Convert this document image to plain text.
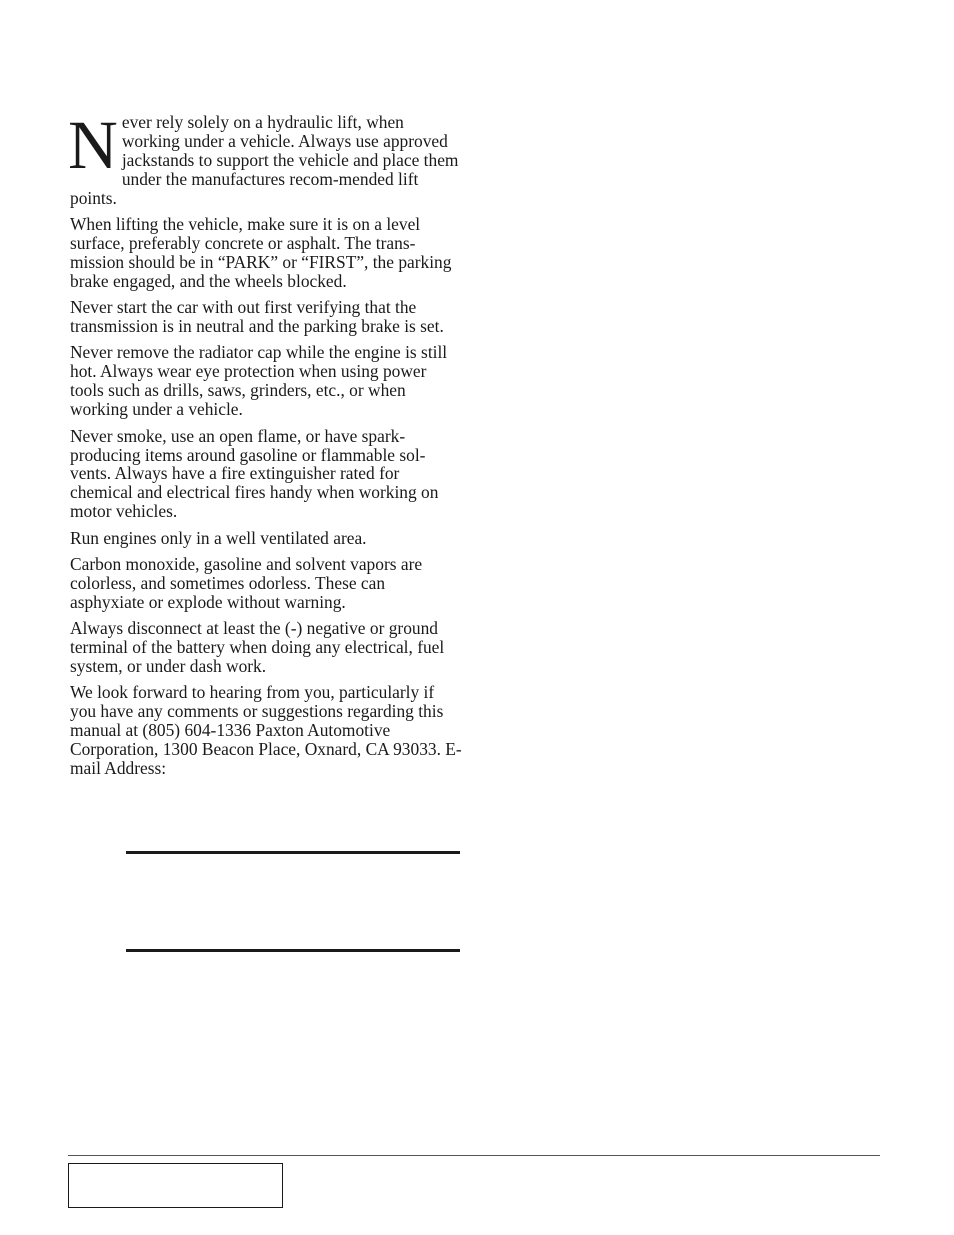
Never rely solely on a hydraulic lift, when working under a vehicle. Always use approved jackstands to support the vehicle and place them under the manufactures recom-mended lift points.

When lifting the vehicle, make sure it is on a level surface, preferably concrete or asphalt. The trans-mission should be in “PARK” or “FIRST”, the parking brake engaged, and the wheels blocked.

Never start the car with out first verifying that the transmission is in neutral and the parking brake is set.

Never remove the radiator cap while the engine is still hot. Always wear eye protection when using power tools such as drills, saws, grinders, etc., or when working under a vehicle.

Never smoke, use an open flame, or have spark-producing items around gasoline or flammable sol-vents. Always have a fire extinguisher rated for chemical and electrical fires handy when working on motor vehicles.

Run engines only in a well ventilated area.

Carbon monoxide, gasoline and solvent vapors are colorless, and sometimes odorless. These can asphyxiate or explode without warning.

Always disconnect at least the (-) negative or ground terminal of the battery when doing any electrical, fuel system, or under dash work.

We look forward to hearing from you, particularly if you have any comments or suggestions regarding this manual at (805) 604-1336 Paxton Automotive Corporation, 1300 Beacon Place, Oxnard, CA 93033. E-mail Address:
